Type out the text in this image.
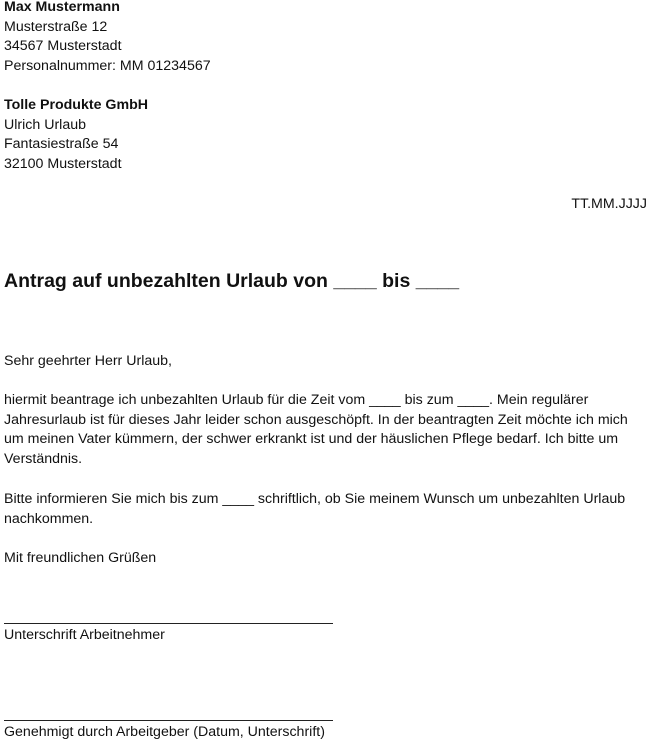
Max Mustermann
Musterstraße 12
34567 Musterstadt
Personalnummer: MM 01234567
Tolle Produkte GmbH
Ulrich Urlaub
Fantasiestraße 54
32100 Musterstadt
TT.MM.JJJJ
Antrag auf unbezahlten Urlaub von ____ bis ____
Sehr geehrter Herr Urlaub,
hiermit beantrage ich unbezahlten Urlaub für die Zeit vom ____ bis zum ____. Mein regulärer
Jahresurlaub ist für dieses Jahr leider schon ausgeschöpft. In der beantragten Zeit möchte ich mich
um meinen Vater kümmern, der schwer erkrankt ist und der häuslichen Pflege bedarf. Ich bitte um
Verständnis.
Bitte informieren Sie mich bis zum ____ schriftlich, ob Sie meinem Wunsch um unbezahlten Urlaub
nachkommen.
Mit freundlichen Grüßen
Unterschrift Arbeitnehmer
Genehmigt durch Arbeitgeber (Datum, Unterschrift)
